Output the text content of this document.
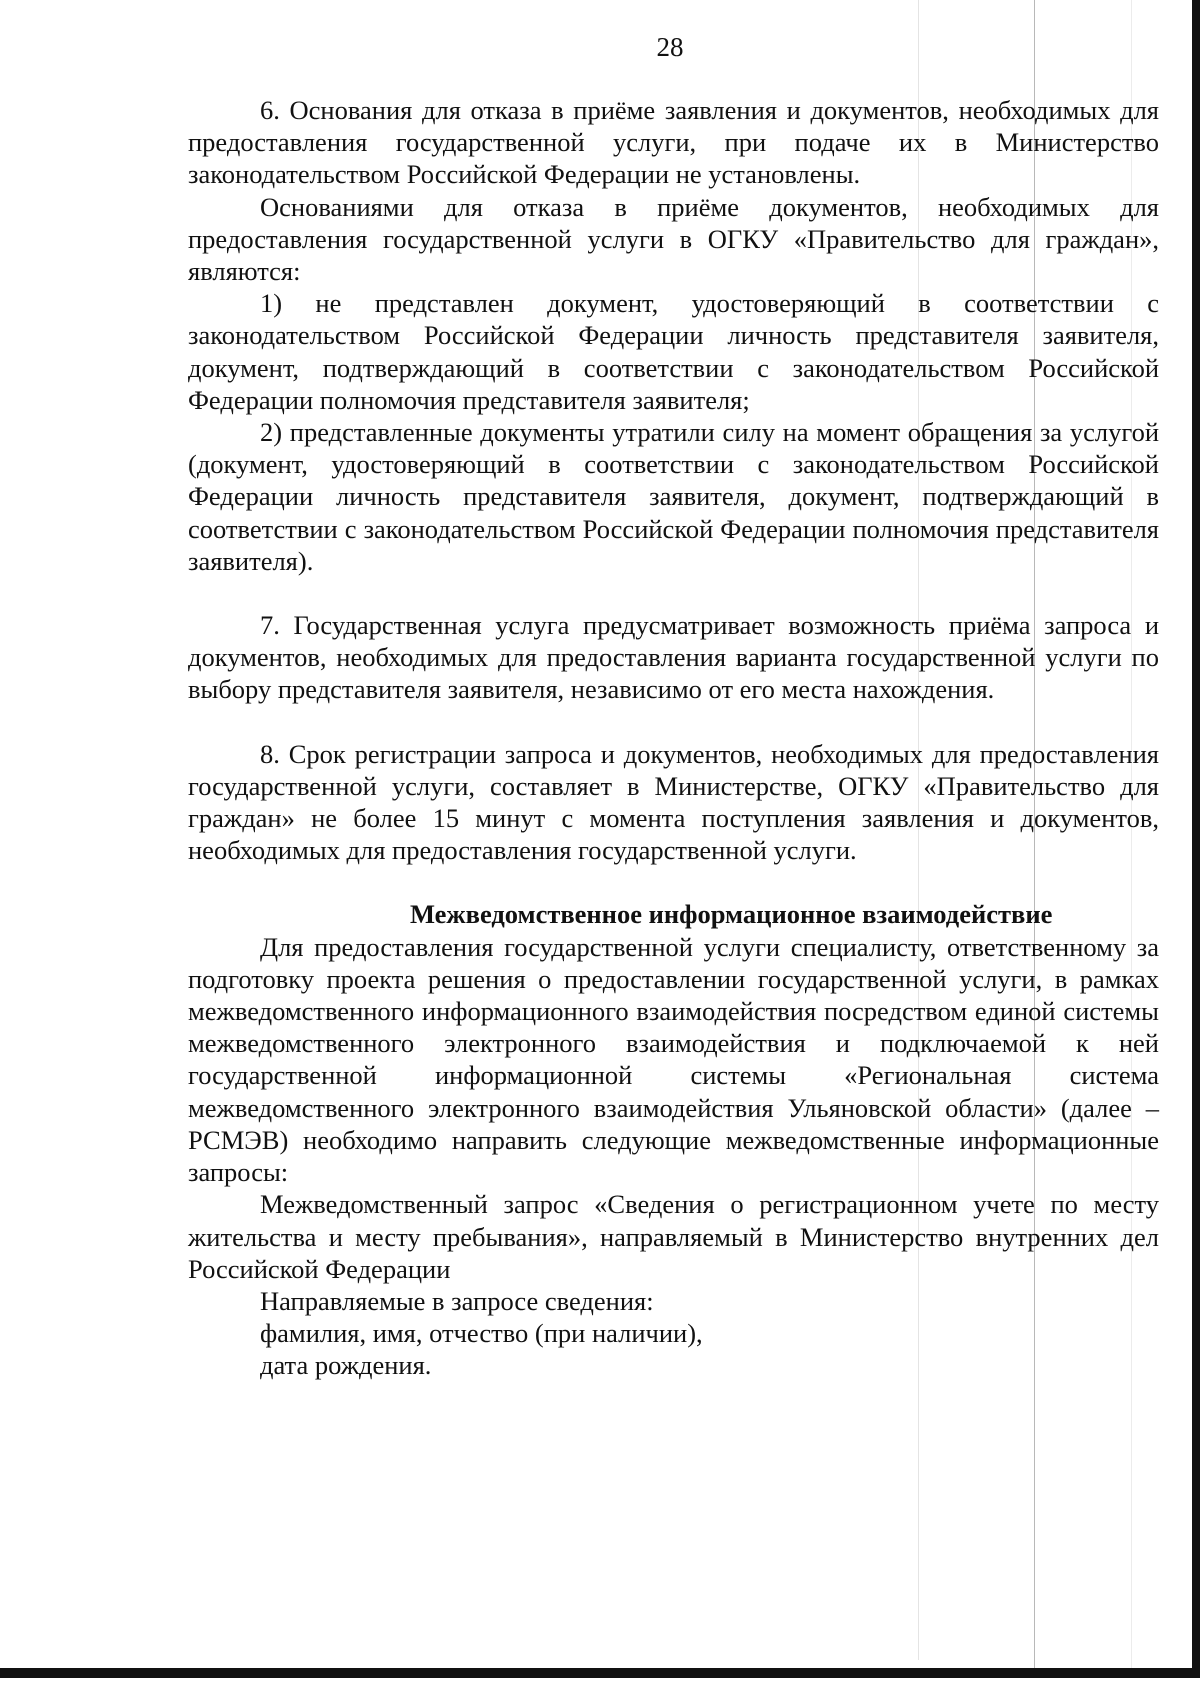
28

6. Основания для отказа в приёме заявления и документов, необходимых для предоставления государственной услуги, при подаче их в Министерство законодательством Российской Федерации не установлены.

Основаниями для отказа в приёме документов, необходимых для предоставления государственной услуги в ОГКУ «Правительство для граждан», являются:

1) не представлен документ, удостоверяющий в соответствии с законодательством Российской Федерации личность представителя заявителя, документ, подтверждающий в соответствии с законодательством Российской Федерации полномочия представителя заявителя;

2) представленные документы утратили силу на момент обращения за услугой (документ, удостоверяющий в соответствии с законодательством Российской Федерации личность представителя заявителя, документ, подтверждающий в соответствии с законодательством Российской Федерации полномочия представителя заявителя).

7. Государственная услуга предусматривает возможность приёма запроса и документов, необходимых для предоставления варианта государственной услуги по выбору представителя заявителя, независимо от его места нахождения.

8. Срок регистрации запроса и документов, необходимых для предоставления государственной услуги, составляет в Министерстве, ОГКУ «Правительство для граждан» не более 15 минут с момента поступления заявления и документов, необходимых для предоставления государственной услуги.

Межведомственное информационное взаимодействие

Для предоставления государственной услуги специалисту, ответственному за подготовку проекта решения о предоставлении государственной услуги, в рамках межведомственного информационного взаимодействия посредством единой системы межведомственного электронного взаимодействия и подключаемой к ней государственной информационной системы «Региональная система межведомственного электронного взаимодействия Ульяновской области» (далее – РСМЭВ) необходимо направить следующие межведомственные информационные запросы:

Межведомственный запрос «Сведения о регистрационном учете по месту жительства и месту пребывания», направляемый в Министерство внутренних дел Российской Федерации

Направляемые в запросе сведения:

фамилия, имя, отчество (при наличии),

дата рождения.
